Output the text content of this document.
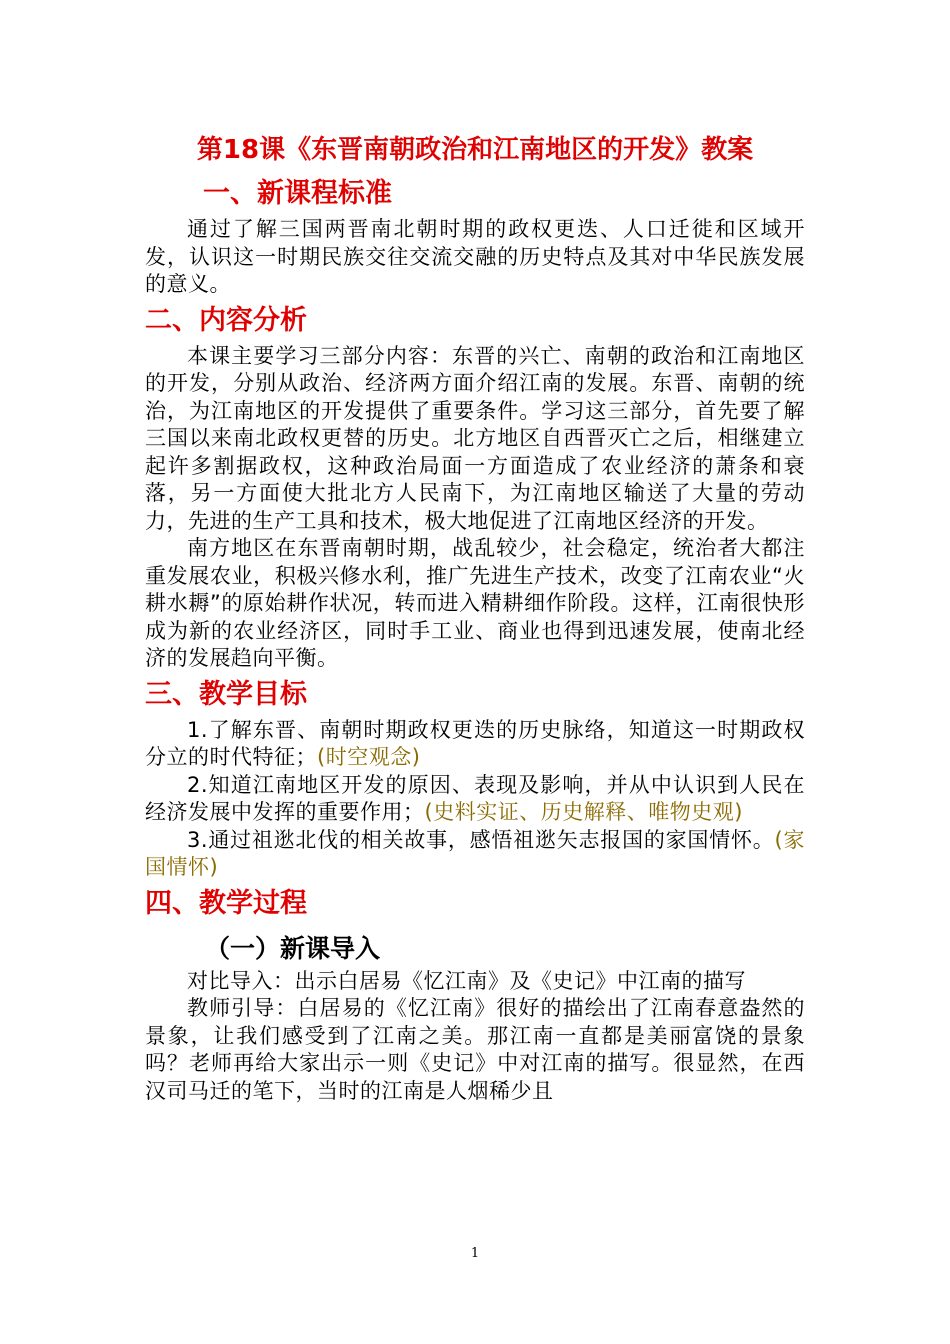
第18课《东晋南朝政治和江南地区的开发》教案
一、新课程标准

通过了解三国两晋南北朝时期的政权更迭、人口迁徙和区域开发，认识这一时期民族交往交流交融的历史特点及其对中华民族发展的意义。

二、内容分析

本课主要学习三部分内容：东晋的兴亡、南朝的政治和江南地区的开发，分别从政治、经济两方面介绍江南的发展。东晋、南朝的统治，为江南地区的开发提供了重要条件。学习这三部分，首先要了解三国以来南北政权更替的历史。北方地区自西晋灭亡之后，相继建立起许多割据政权，这种政治局面一方面造成了农业经济的萧条和衰落，另一方面使大批北方人民南下，为江南地区输送了大量的劳动力，先进的生产工具和技术，极大地促进了江南地区经济的开发。

南方地区在东晋南朝时期，战乱较少，社会稳定，统治者大都注重发展农业，积极兴修水利，推广先进生产技术，改变了江南农业“火耕水耨”的原始耕作状况，转而进入精耕细作阶段。这样，江南很快形成为新的农业经济区，同时手工业、商业也得到迅速发展，使南北经济的发展趋向平衡。

三、教学目标

1.了解东晋、南朝时期政权更迭的历史脉络，知道这一时期政权分立的时代特征；(时空观念)

2.知道江南地区开发的原因、表现及影响，并从中认识到人民在经济发展中发挥的重要作用；(史料实证、历史解释、唯物史观)

3.通过祖逖北伐的相关故事，感悟祖逖矢志报国的家国情怀。(家国情怀)

四、教学过程
（一）新课导入

对比导入：出示白居易《忆江南》及《史记》中江南的描写

教师引导：白居易的《忆江南》很好的描绘出了江南春意盎然的景象，让我们感受到了江南之美。那江南一直都是美丽富饶的景象吗？老师再给大家出示一则《史记》中对江南的描写。很显然，在西汉司马迁的笔下，当时的江南是人烟稀少且

1
